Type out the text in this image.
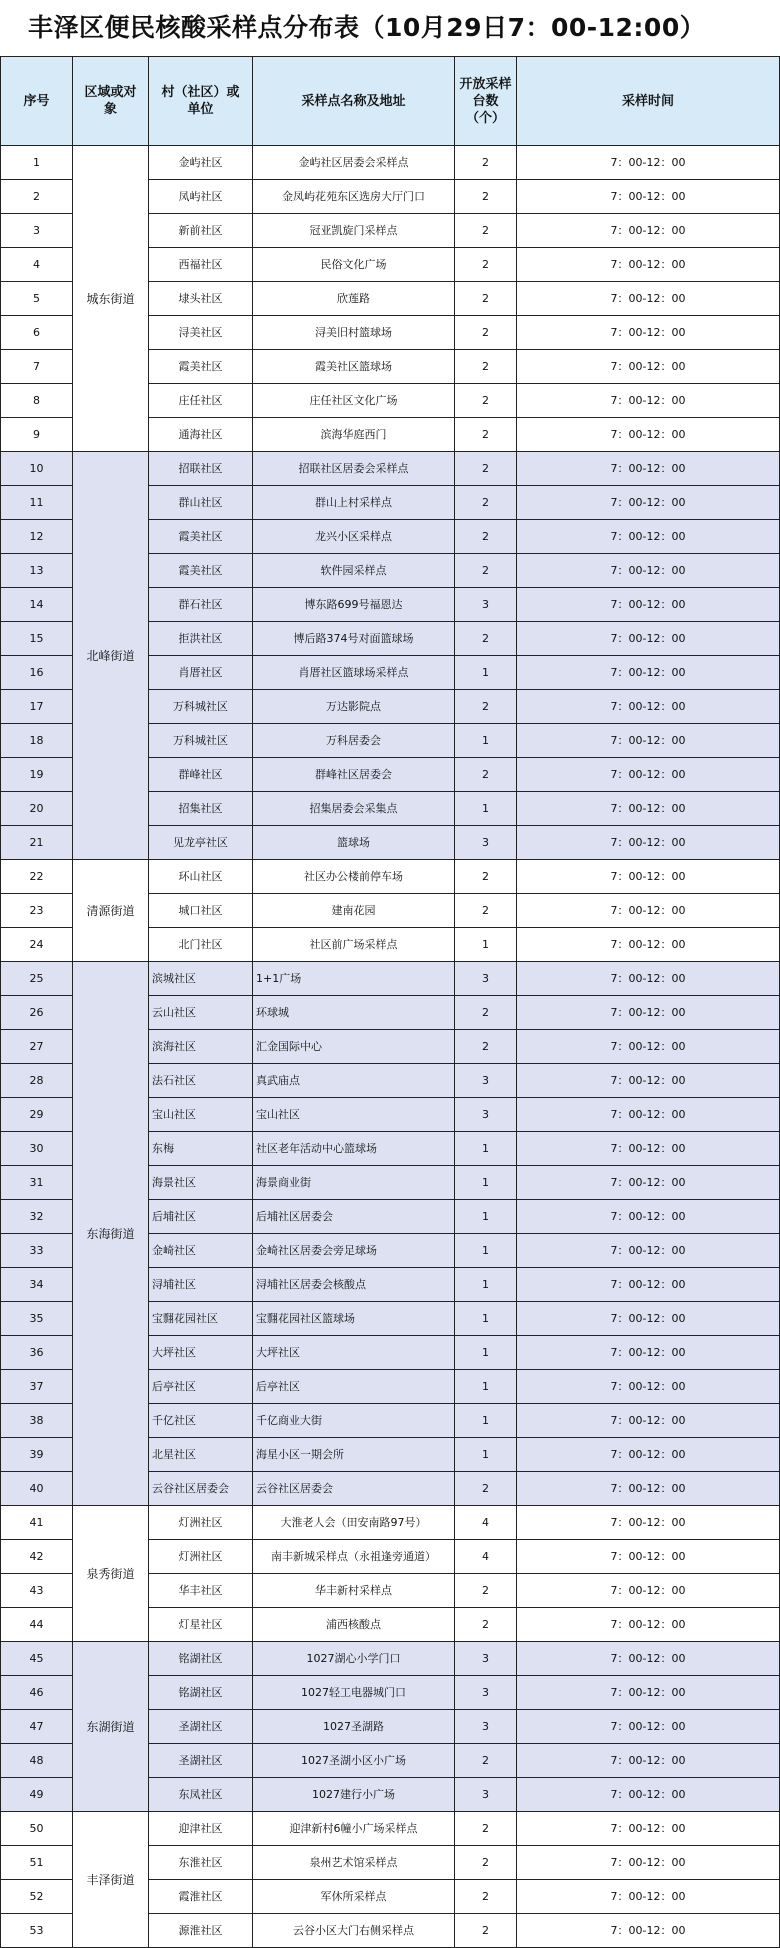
丰泽区便民核酸采样点分布表（10月29日7：00-12:00）
序号	区域或对象	村（社区）或单位	采样点名称及地址	开放采样台数（个）	采样时间
1	城东街道	金屿社区	金屿社区居委会采样点	2	7：00-12：00
2		凤屿社区	金凤屿花苑东区选房大厅门口	2	7：00-12：00
3		新前社区	冠亚凯旋门采样点	2	7：00-12：00
4		西福社区	民俗文化广场	2	7：00-12：00
5		埭头社区	欣莲路	2	7：00-12：00
6		浔美社区	浔美旧村篮球场	2	7：00-12：00
7		霞美社区	霞美社区篮球场	2	7：00-12：00
8		庄任社区	庄任社区文化广场	2	7：00-12：00
9		通海社区	滨海华庭西门	2	7：00-12：00
10	北峰街道	招联社区	招联社区居委会采样点	2	7：00-12：00
11		群山社区	群山上村采样点	2	7：00-12：00
12		霞美社区	龙兴小区采样点	2	7：00-12：00
13		霞美社区	软件园采样点	2	7：00-12：00
14		群石社区	博东路699号福恩达	3	7：00-12：00
15		拒洪社区	博后路374号对面篮球场	2	7：00-12：00
16		肖厝社区	肖厝社区篮球场采样点	1	7：00-12：00
17		万科城社区	万达影院点	2	7：00-12：00
18		万科城社区	万科居委会	1	7：00-12：00
19		群峰社区	群峰社区居委会	2	7：00-12：00
20		招集社区	招集居委会采集点	1	7：00-12：00
21		见龙亭社区	篮球场	3	7：00-12：00
22	清源街道	环山社区	社区办公楼前停车场	2	7：00-12：00
23		城口社区	建南花园	2	7：00-12：00
24		北门社区	社区前广场采样点	1	7：00-12：00
25	东海街道	滨城社区	1+1广场	3	7：00-12：00
26		云山社区	环球城	2	7：00-12：00
27		滨海社区	汇金国际中心	2	7：00-12：00
28		法石社区	真武庙点	3	7：00-12：00
29		宝山社区	宝山社区	3	7：00-12：00
30		东梅	社区老年活动中心篮球场	1	7：00-12：00
31		海景社区	海景商业街	1	7：00-12：00
32		后埔社区	后埔社区居委会	1	7：00-12：00
33		金崎社区	金崎社区居委会旁足球场	1	7：00-12：00
34		浔埔社区	浔埔社区居委会核酸点	1	7：00-12：00
35		宝翲花园社区	宝翲花园社区篮球场	1	7：00-12：00
36		大坪社区	大坪社区	1	7：00-12：00
37		后亭社区	后亭社区	1	7：00-12：00
38		千亿社区	千亿商业大街	1	7：00-12：00
39		北星社区	海星小区一期会所	1	7：00-12：00
40		云谷社区居委会	云谷社区居委会	2	7：00-12：00
41	泉秀街道	灯洲社区	大淮老人会（田安南路97号）	4	7：00-12：00
42		灯洲社区	南丰新城采样点（永祖逢旁通道）	4	7：00-12：00
43		华丰社区	华丰新村采样点	2	7：00-12：00
44		灯星社区	浦西核酸点	2	7：00-12：00
45	东湖街道	铭湖社区	1027湖心小学门口	3	7：00-12：00
46		铭湖社区	1027轻工电器城门口	3	7：00-12：00
47		圣湖社区	1027圣湖路	3	7：00-12：00
48		圣湖社区	1027圣湖小区小广场	2	7：00-12：00
49		东凤社区	1027建行小广场	3	7：00-12：00
50	丰泽街道	迎津社区	迎津新村6幢小广场采样点	2	7：00-12：00
51		东淮社区	泉州艺术馆采样点	2	7：00-12：00
52		霞淮社区	军休所采样点	2	7：00-12：00
53		源淮社区	云谷小区大门右侧采样点	2	7：00-12：00
